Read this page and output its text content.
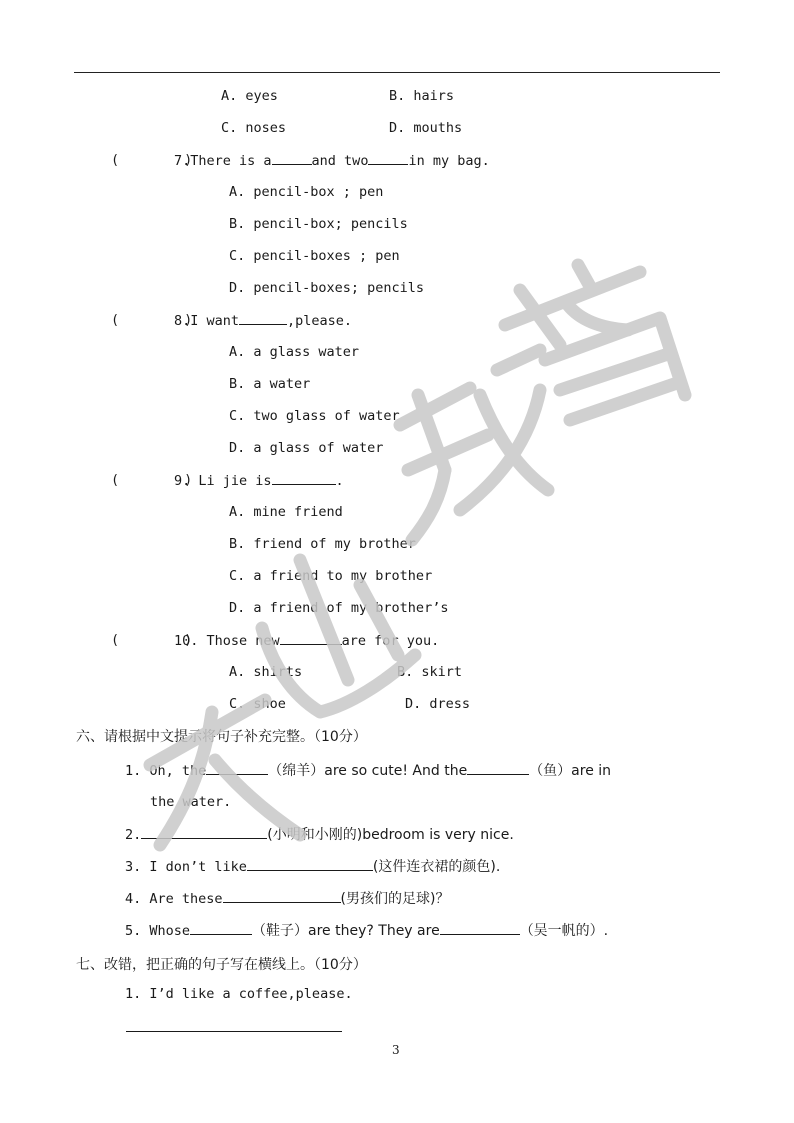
A. eyes	B. hairs
C. noses	D. mouths
(        )
7.There is a	and two	in my bag.
A. pencil-box ; pen
B. pencil-box; pencils
C. pencil-boxes ; pen
D. pencil-boxes; pencils
(        )
8.I want	,please.
A. a glass water
B. a water
C. two glass of water
D. a glass of water
(        )
9. Li jie is	.
A. mine friend
B. friend of my brother
C. a friend to my brother
D. a friend of my brother’s
(        )
10. Those new	are for you.
A. shirts	B. skirt
C. shoe	D. dress
六、请根据中文提示将句子补充完整。（10分）
1. Oh, the	（绵羊）are so cute! And the	（鱼）are in
the water.
2.	(小明和小刚的)bedroom is very nice.
3. I don’t like	(这件连衣裙的颜色).
4. Are these	(男孩们的足球)？
5. Whose	（鞋子）are they? They are	（吴一帆的）.
七、改错，把正确的句子写在横线上。（10分）
1. I’d like a coffee,please.
3
大山教育
